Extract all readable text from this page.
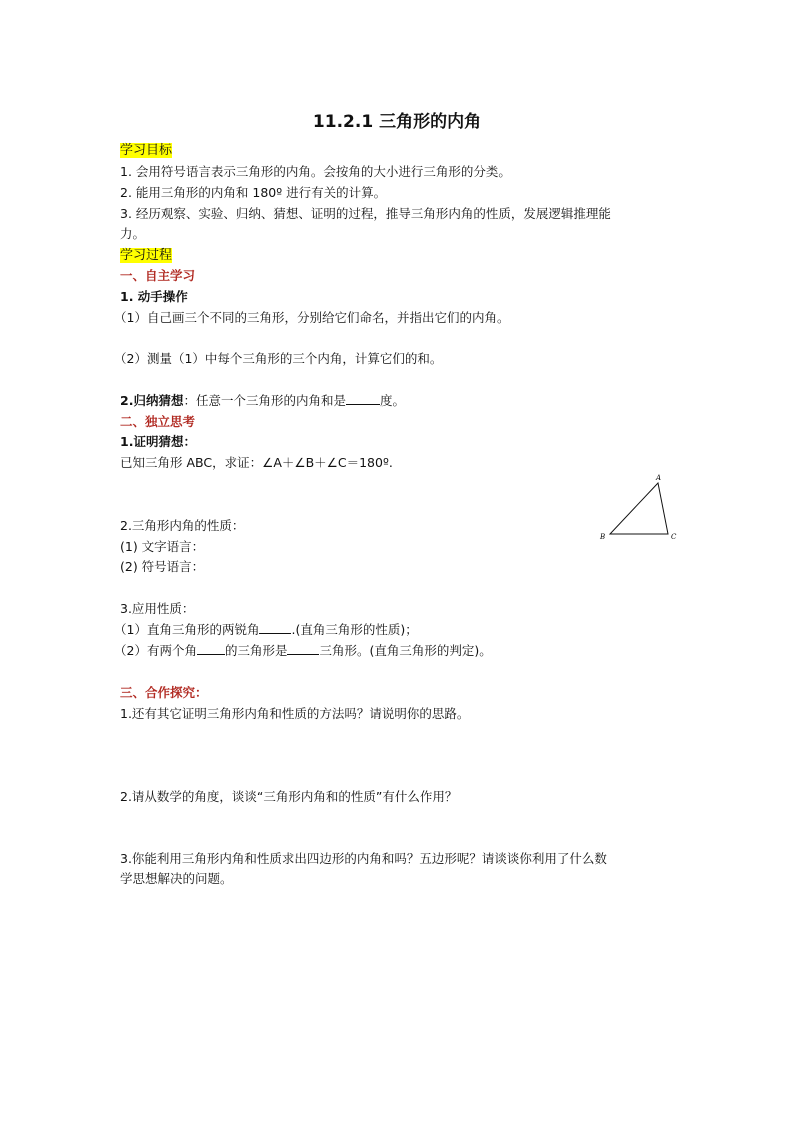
11.2.1 三角形的内角
学习目标
1. 会用符号语言表示三角形的内角。会按角的大小进行三角形的分类。
2. 能用三角形的内角和 180º 进行有关的计算。
3. 经历观察、实验、归纳、猜想、证明的过程，推导三角形内角的性质，发展逻辑推理能
力。
学习过程
一、自主学习
1. 动手操作
（1）自己画三个不同的三角形，分别给它们命名，并指出它们的内角。
（2）测量（1）中每个三角形的三个内角，计算它们的和。
2.归纳猜想：任意一个三角形的内角和是	度。
二、独立思考
1.证明猜想：
已知三角形 ABC，求证：∠A＋∠B＋∠C＝180º.
A
B	C
2.三角形内角的性质：
(1) 文字语言：
(2) 符号语言：
3.应用性质：
（1）直角三角形的两锐角	.(直角三角形的性质)；
（2）有两个角 的三角形是	三角形。(直角三角形的判定)。
三、合作探究：
1.还有其它证明三角形内角和性质的方法吗？请说明你的思路。
2.请从数学的角度，谈谈“三角形内角和的性质”有什么作用？
3.你能利用三角形内角和性质求出四边形的内角和吗？五边形呢？请谈谈你利用了什么数
学思想解决的问题。
